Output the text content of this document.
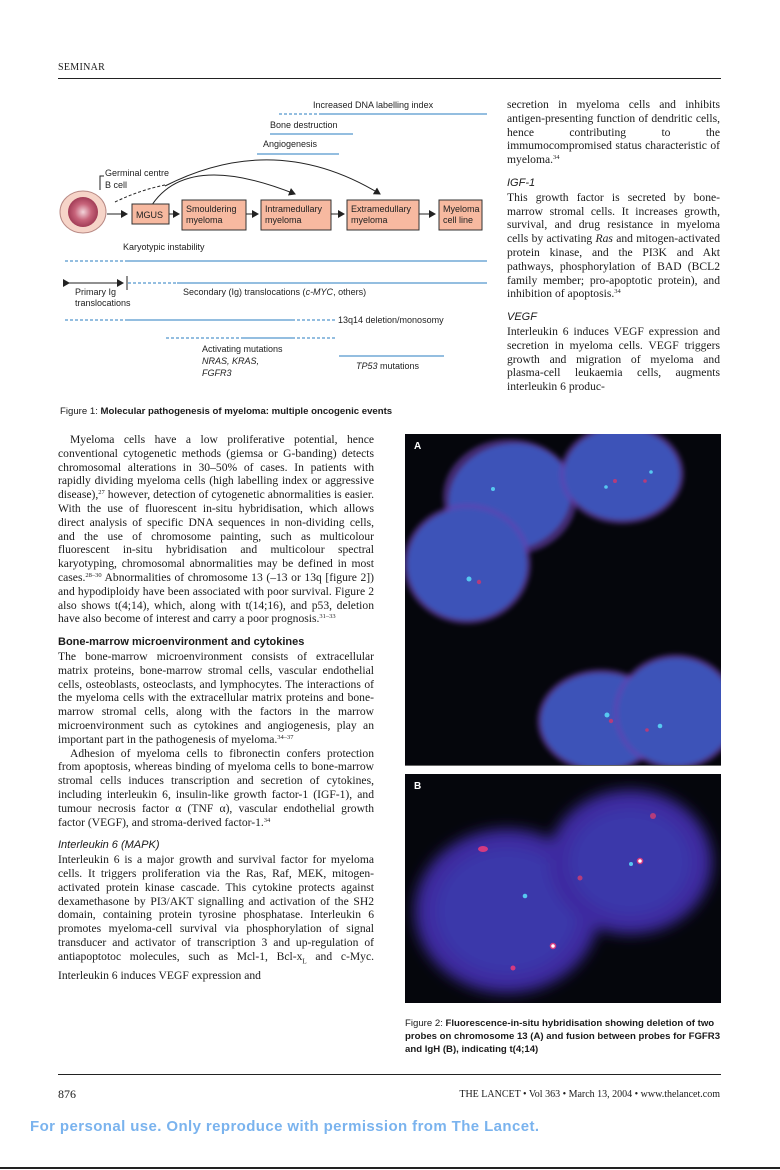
SEMINAR
Increased DNA labelling index
Bone destruction
Angiogenesis
Germinal centre
B cell
MGUS
Smouldering
myeloma
Intramedullary
myeloma
Extramedullary
myeloma
Myeloma
cell line
Karyotypic instability
Primary Ig
translocations
Secondary (Ig) translocations (c-MYC, others)
13q14 deletion/monosomy
Activating mutations
NRAS, KRAS,
FGFR3
TP53 mutations
Figure 1: Molecular pathogenesis of myeloma: multiple oncogenic events

secretion in myeloma cells and inhibits antigen-presenting function of dendritic cells, hence contributing to the immumocompromised status characteristic of myeloma.$^{34}$

IGF-1

This growth factor is secreted by bone-marrow stromal cells. It increases growth, survival, and drug resistance in myeloma cells by activating Ras and mitogen-activated protein kinase, and the PI3K and Akt pathways, phosphorylation of BAD (BCL2 family member; pro-apoptotic protein), and inhibition of apoptosis.$^{34}$

VEGF

Interleukin 6 induces VEGF expression and secretion in myeloma cells. VEGF triggers growth and migration of myeloma and plasma-cell leukaemia cells, augments interleukin 6 produc-

Myeloma cells have a low proliferative potential, hence conventional cytogenetic methods (giemsa or G-banding) detects chromosomal alterations in 30–50% of cases. In patients with rapidly dividing myeloma cells (high labelling index or aggressive disease),$^{27}$ however, detection of cytogenetic abnormalities is easier. With the use of fluorescent in-situ hybridisation, which allows direct analysis of specific DNA sequences in non-dividing cells, and the use of chromosome painting, such as multicolour fluorescent in-situ hybridisation and multicolour spectral karyotyping, chromosomal abnormalities may be defined in most cases.$^{28-30}$ Abnormalities of chromosome 13 (–13 or 13q [figure 2]) and hypodiploidy have been associated with poor survival. Figure 2 also shows t(4;14), which, along with t(14;16), and p53, deletion have also become of interest and carry a poor prognosis.$^{31-33}$

Bone-marrow microenvironment and cytokines

The bone-marrow microenvironment consists of extracellular matrix proteins, bone-marrow stromal cells, vascular endothelial cells, osteoblasts, osteoclasts, and lymphocytes. The interactions of the myeloma cells with the extracellular matrix proteins and bone-marrow stromal cells, along with the factors in the marrow microenvironment such as cytokines and angiogenesis, play an important part in the pathogenesis of myeloma.$^{34-37}$

Adhesion of myeloma cells to fibronectin confers protection from apoptosis, whereas binding of myeloma cells to bone-marrow stromal cells induces transcription and secretion of cytokines, including interleukin 6, insulin-like growth factor-1 (IGF-1), and tumour necrosis factor α (TNF α), vascular endothelial growth factor (VEGF), and stroma-derived factor-1.34

Interleukin 6 (MAPK)

Interleukin 6 is a major growth and survival factor for myeloma cells. It triggers proliferation via the Ras, Raf, MEK, mitogen-activated protein kinase cascade. This cytokine protects against dexamethasone by PI3/AKT signalling and activation of the SH2 domain, containing protein tyrosine phosphatase. Interleukin 6 promotes myeloma-cell survival via phosphorylation of signal transducer and activator of transcription 3 and up-regulation of antiapoptotoc molecules, such as Mcl-1, Bcl-$x_L$ and c-Myc. Interleukin 6 induces VEGF expression and

A
B
Figure 2: Fluorescence-in-situ hybridisation showing deletion of two probes on chromosome 13 (A) and fusion between probes for FGFR3 and IgH (B), indicating t(4;14)
876	THE LANCET • Vol 363 • March 13, 2004 • www.thelancet.com
For personal use. Only reproduce with permission from The Lancet.
